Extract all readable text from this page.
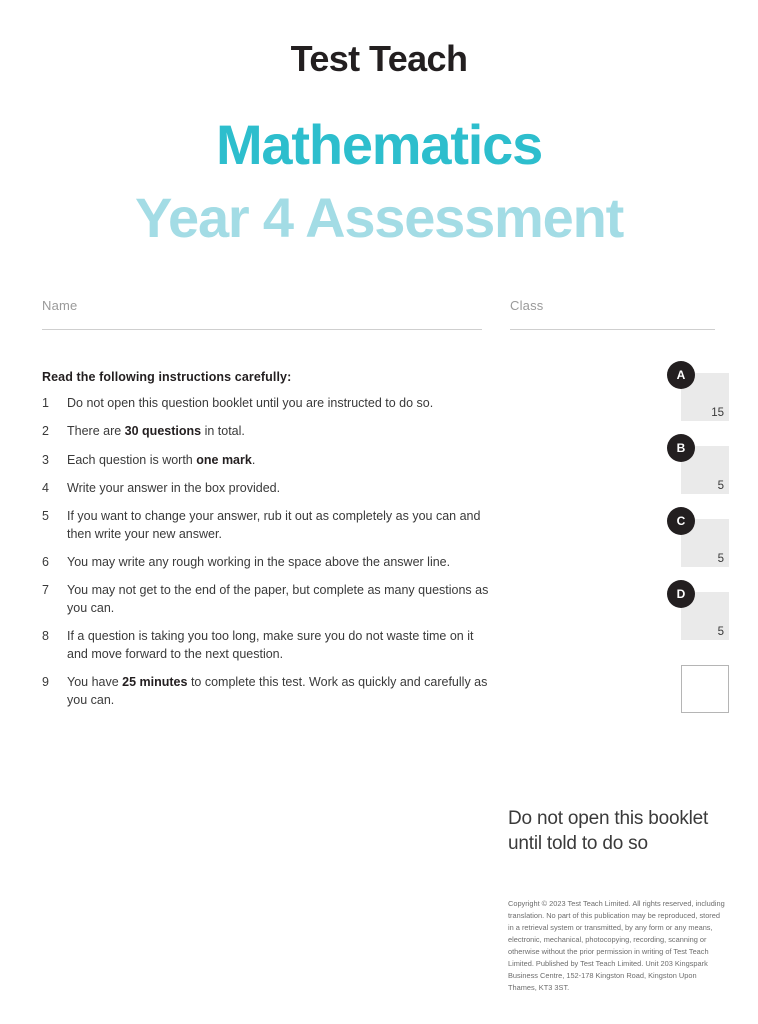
Test Teach
Mathematics
Year 4 Assessment
Name	Class
Read the following instructions carefully:
1 Do not open this question booklet until you are instructed to do so.
2 There are 30 questions in total.
3 Each question is worth one mark.
4 Write your answer in the box provided.
5 If you want to change your answer, rub it out as completely as you can and then write your new answer.
6 You may write any rough working in the space above the answer line.
7 You may not get to the end of the paper, but complete as many questions as you can.
8 If a question is taking you too long, make sure you do not waste time on it and move forward to the next question.
9 You have 25 minutes to complete this test. Work as quickly and carefully as you can.
A
15
B
5
C
5
D
5
Do not open this booklet until told to do so
Copyright © 2023 Test Teach Limited. All rights reserved, including translation. No part of this publication may be reproduced, stored in a retrieval system or transmitted, by any form or any means, electronic, mechanical, photocopying, recording, scanning or otherwise without the prior permission in writing of Test Teach Limited. Published by Test Teach Limited. Unit 203 Kingspark Business Centre, 152-178 Kingston Road, Kingston Upon Thames, KT3 3ST.
